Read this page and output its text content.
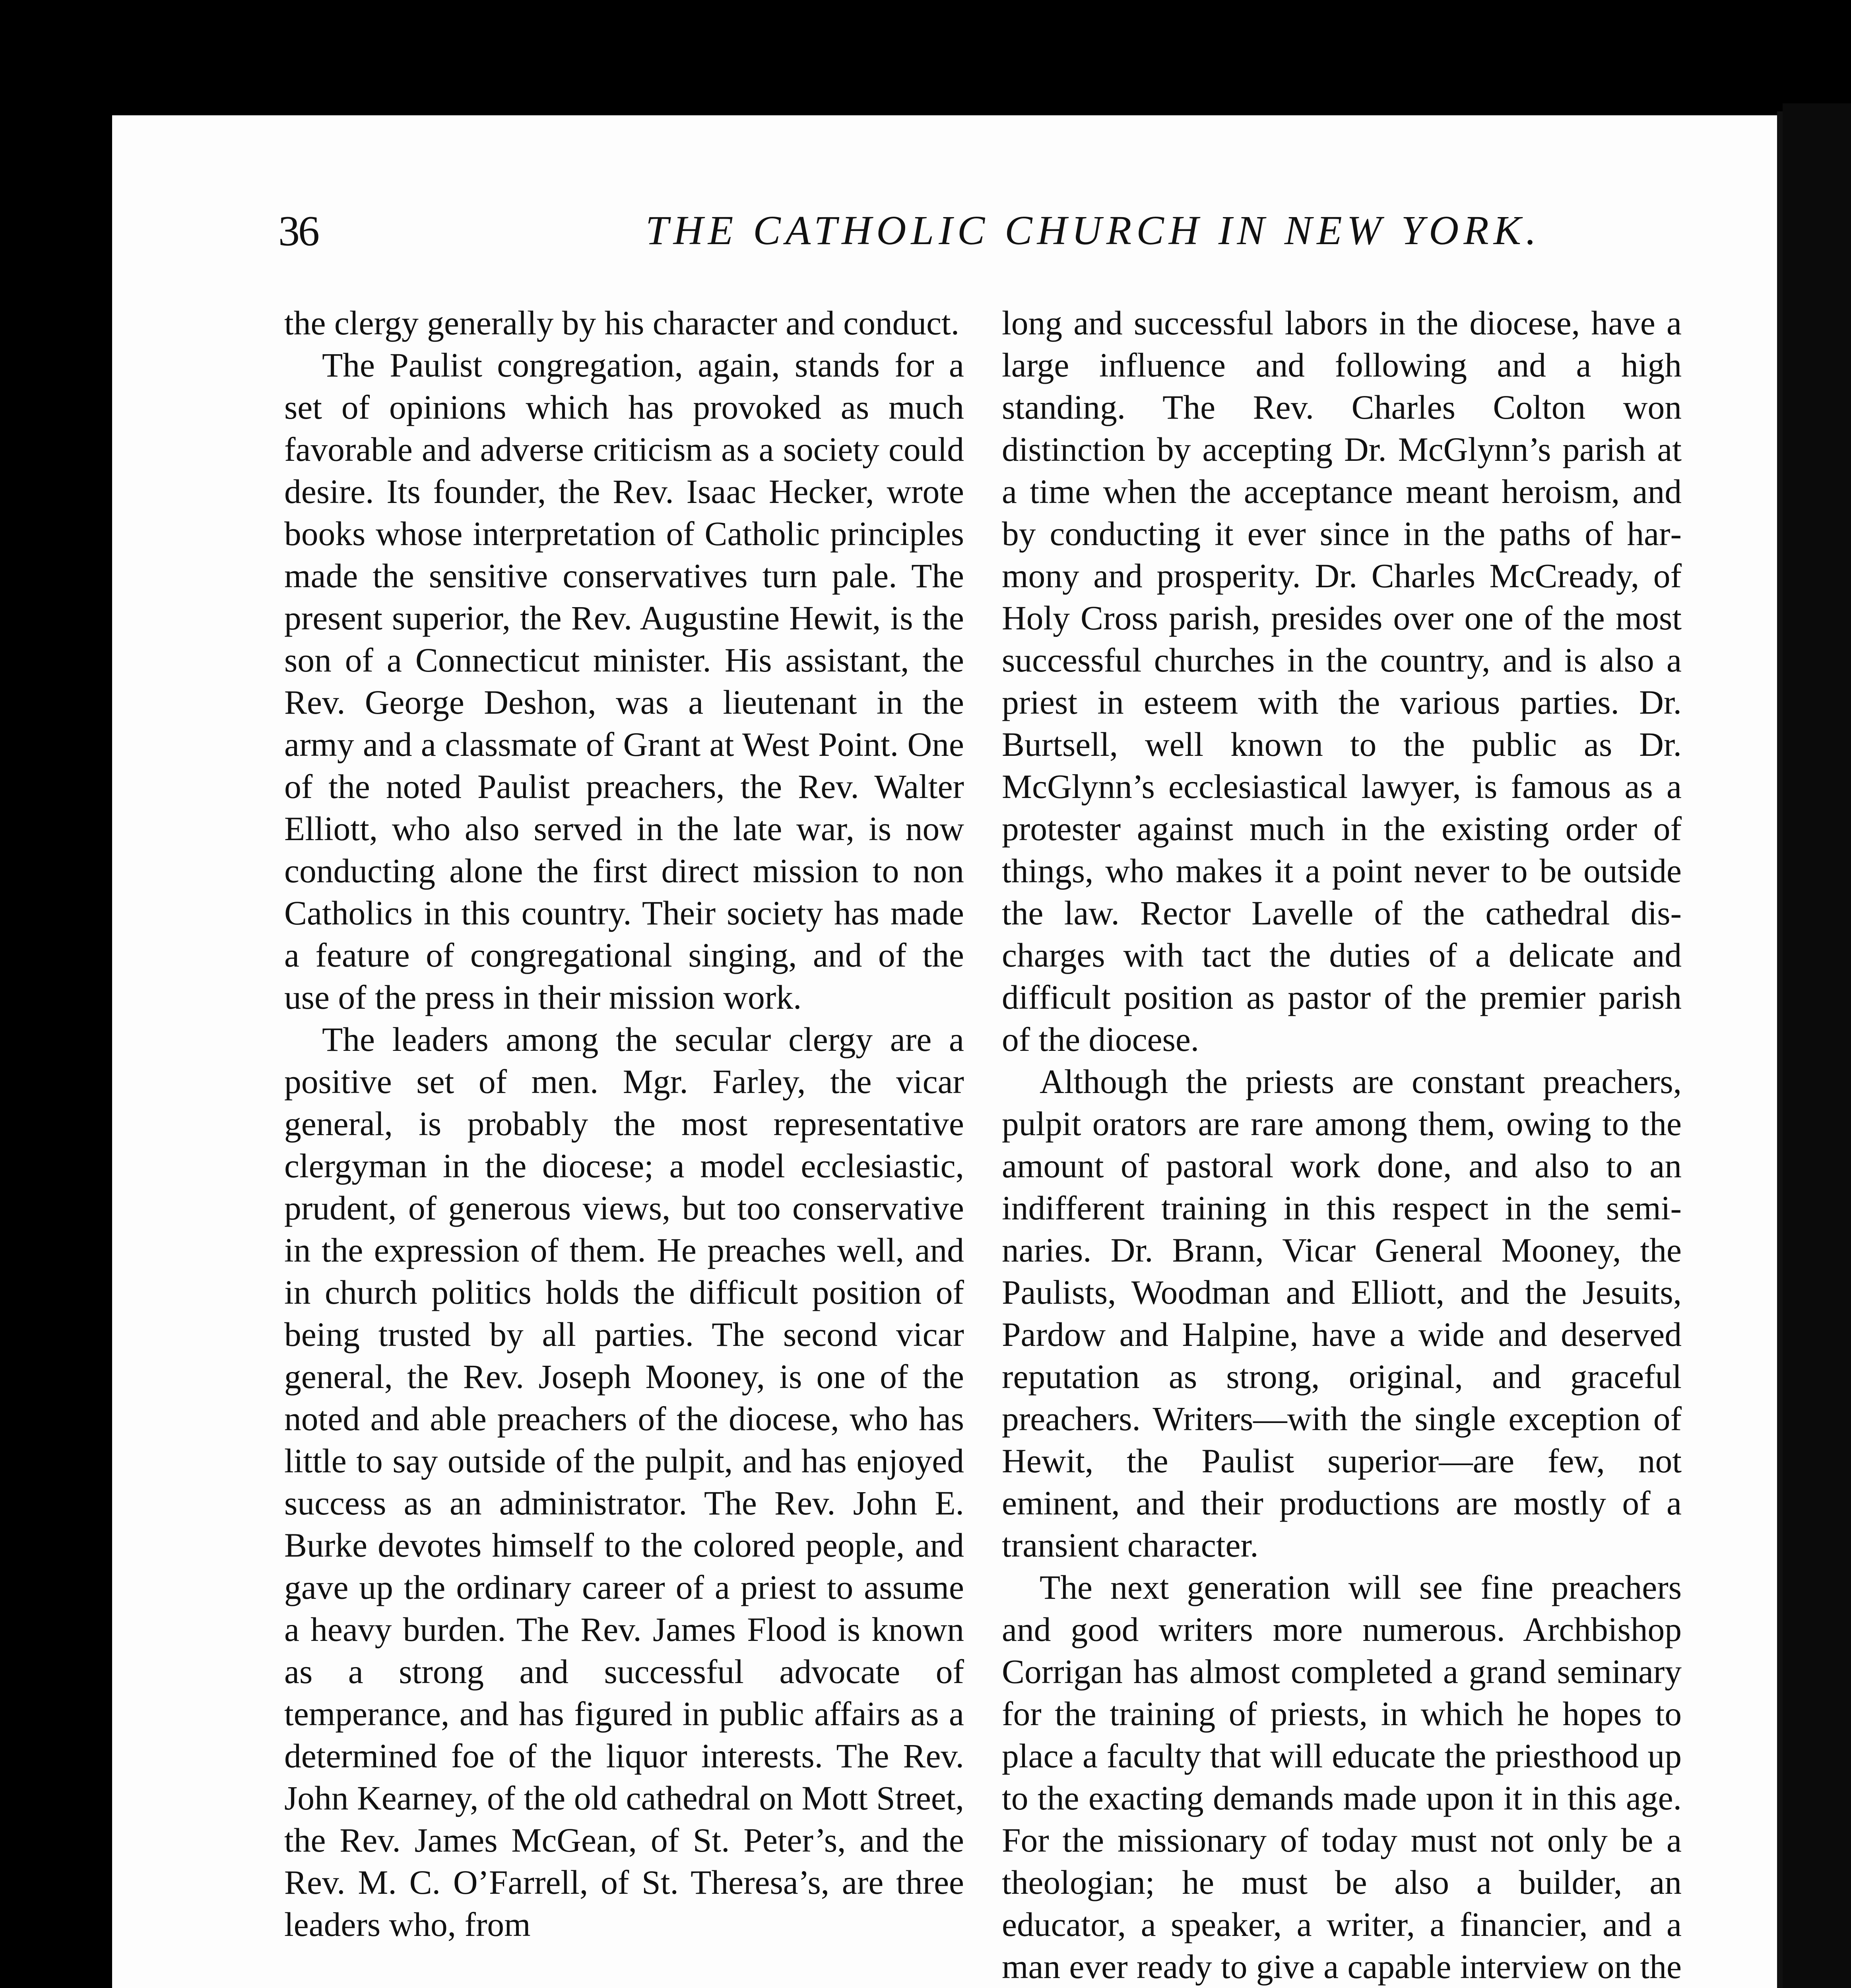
36	THE CATHOLIC CHURCH IN NEW YORK.

the clergy generally by his character and conduct.

The Paulist congregation, again, stands for a set of opinions which has provoked as much favorable and adverse criticism as a society could desire. Its founder, the Rev. Isaac Hecker, wrote books whose interpretation of Catholic principles made the sensitive conservatives turn pale. The present superior, the Rev. Augustine Hewit, is the son of a Connecticut minister. His assistant, the Rev. George Deshon, was a lieutenant in the army and a classmate of Grant at West Point. One of the noted Paulist preachers, the Rev. Walter Elliott, who also served in the late war, is now conducting alone the first direct mission to non Catholics in this country. Their society has made a feature of congregational singing, and of the use of the press in their mission work.

The leaders among the secular clergy are a positive set of men. Mgr. Farley, the vicar general, is probably the most representative clergyman in the diocese; a model ecclesiastic, prudent, of generous views, but too conservative in the expression of them. He preaches well, and in church politics holds the difficult position of being trusted by all parties. The second vicar general, the Rev. Joseph Mooney, is one of the noted and able preachers of the diocese, who has little to say outside of the pulpit, and has enjoyed success as an administrator. The Rev. John E. Burke devotes himself to the colored people, and gave up the ordinary career of a priest to assume a heavy burden. The Rev. James Flood is known as a strong and successful advocate of temperance, and has figured in public affairs as a determined foe of the liquor interests. The Rev. John Kearney, of the old cathedral on Mott Street, the Rev. James McGean, of St. Peter’s, and the Rev. M. C. O’Farrell, of St. Theresa’s, are three leaders who, from

long and successful labors in the diocese, have a large influence and following and a high standing. The Rev. Charles Colton won distinction by accepting Dr. McGlynn’s parish at a time when the acceptance meant heroism, and by conducting it ever since in the paths of harmony and prosperity. Dr. Charles McCready, of Holy Cross parish, presides over one of the most successful churches in the country, and is also a priest in esteem with the various parties. Dr. Burtsell, well known to the public as Dr. McGlynn’s ecclesiastical lawyer, is famous as a protester against much in the existing order of things, who makes it a point never to be outside the law. Rector Lavelle of the cathedral discharges with tact the duties of a delicate and difficult position as pastor of the premier parish of the diocese.

Although the priests are constant preachers, pulpit orators are rare among them, owing to the amount of pastoral work done, and also to an indifferent training in this respect in the seminaries. Dr. Brann, Vicar General Mooney, the Paulists, Woodman and Elliott, and the Jesuits, Pardow and Halpine, have a wide and deserved reputation as strong, original, and graceful preachers. Writers—with the single exception of Hewit, the Paulist superior—are few, not eminent, and their productions are mostly of a transient character.

The next generation will see fine preachers and good writers more numerous. Archbishop Corrigan has almost completed a grand seminary for the training of priests, in which he hopes to place a faculty that will educate the priesthood up to the exacting demands made upon it in this age. For the missionary of today must not only be a theologian; he must be also a builder, an educator, a speaker, a writer, a financier, and a man ever ready to give a capable interview on the
